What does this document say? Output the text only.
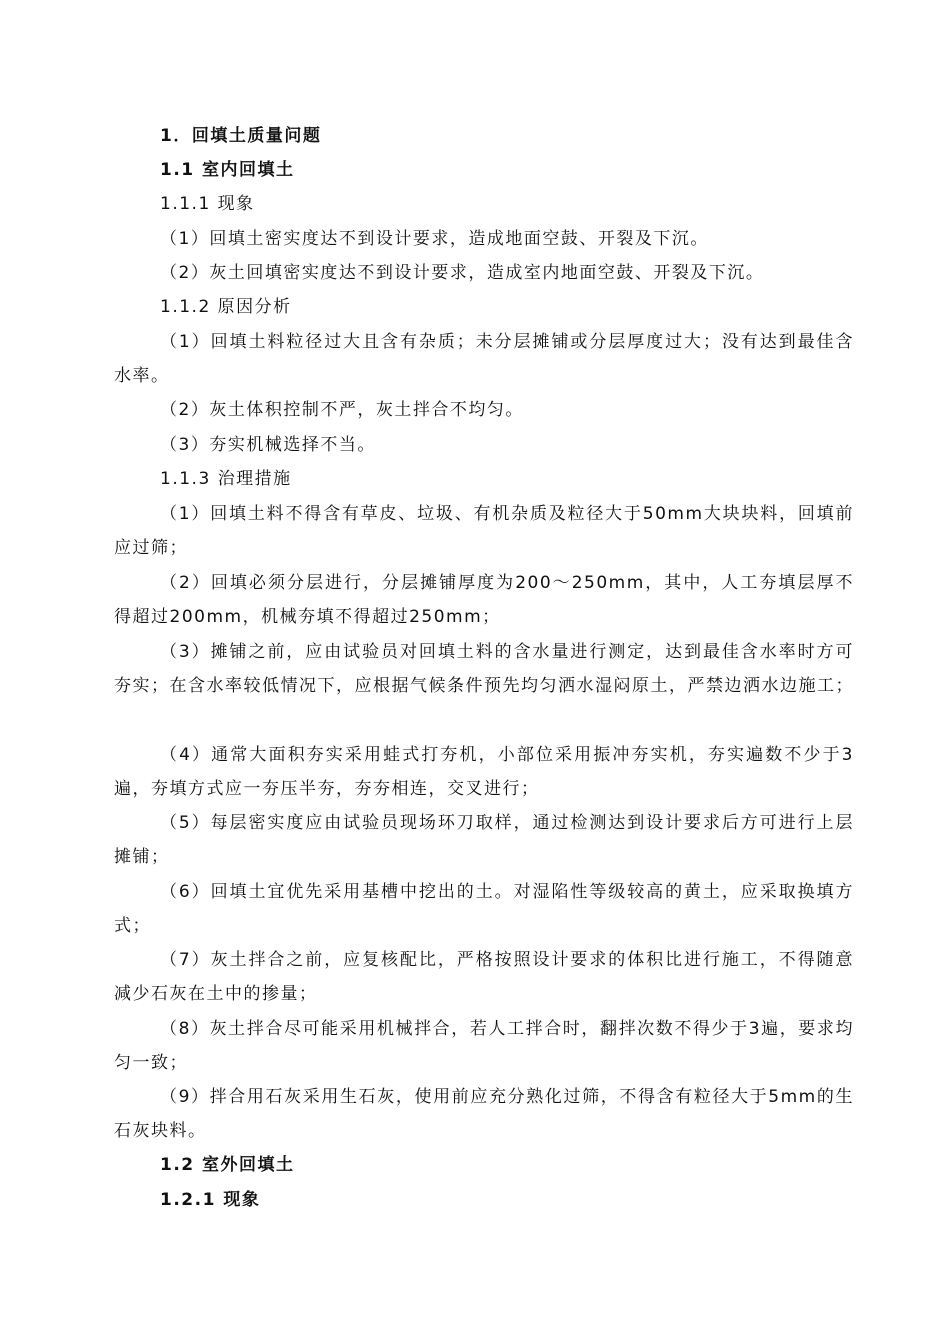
1．回填土质量问题
1.1 室内回填土
1.1.1 现象
（1）回填土密实度达不到设计要求，造成地面空鼓、开裂及下沉。
（2）灰土回填密实度达不到设计要求，造成室内地面空鼓、开裂及下沉。
1.1.2 原因分析
（1）回填土料粒径过大且含有杂质；未分层摊铺或分层厚度过大；没有达到最佳含水率。
（2）灰土体积控制不严，灰土拌合不均匀。
（3）夯实机械选择不当。
1.1.3 治理措施
（1）回填土料不得含有草皮、垃圾、有机杂质及粒径大于50mm大块块料，回填前应过筛；
（2）回填必须分层进行，分层摊铺厚度为200～250mm，其中，人工夯填层厚不得超过200mm，机械夯填不得超过250mm；
（3）摊铺之前，应由试验员对回填土料的含水量进行测定，达到最佳含水率时方可夯实；在含水率较低情况下，应根据气候条件预先均匀洒水湿闷原土，严禁边洒水边施工；
（4）通常大面积夯实采用蛙式打夯机，小部位采用振冲夯实机，夯实遍数不少于3遍，夯填方式应一夯压半夯，夯夯相连，交叉进行；
（5）每层密实度应由试验员现场环刀取样，通过检测达到设计要求后方可进行上层摊铺；
（6）回填土宜优先采用基槽中挖出的土。对湿陷性等级较高的黄土，应采取换填方式；
（7）灰土拌合之前，应复核配比，严格按照设计要求的体积比进行施工，不得随意减少石灰在土中的掺量；
（8）灰土拌合尽可能采用机械拌合，若人工拌合时，翻拌次数不得少于3遍，要求均匀一致；
（9）拌合用石灰采用生石灰，使用前应充分熟化过筛，不得含有粒径大于5mm的生石灰块料。
1.2 室外回填土
1.2.1 现象
